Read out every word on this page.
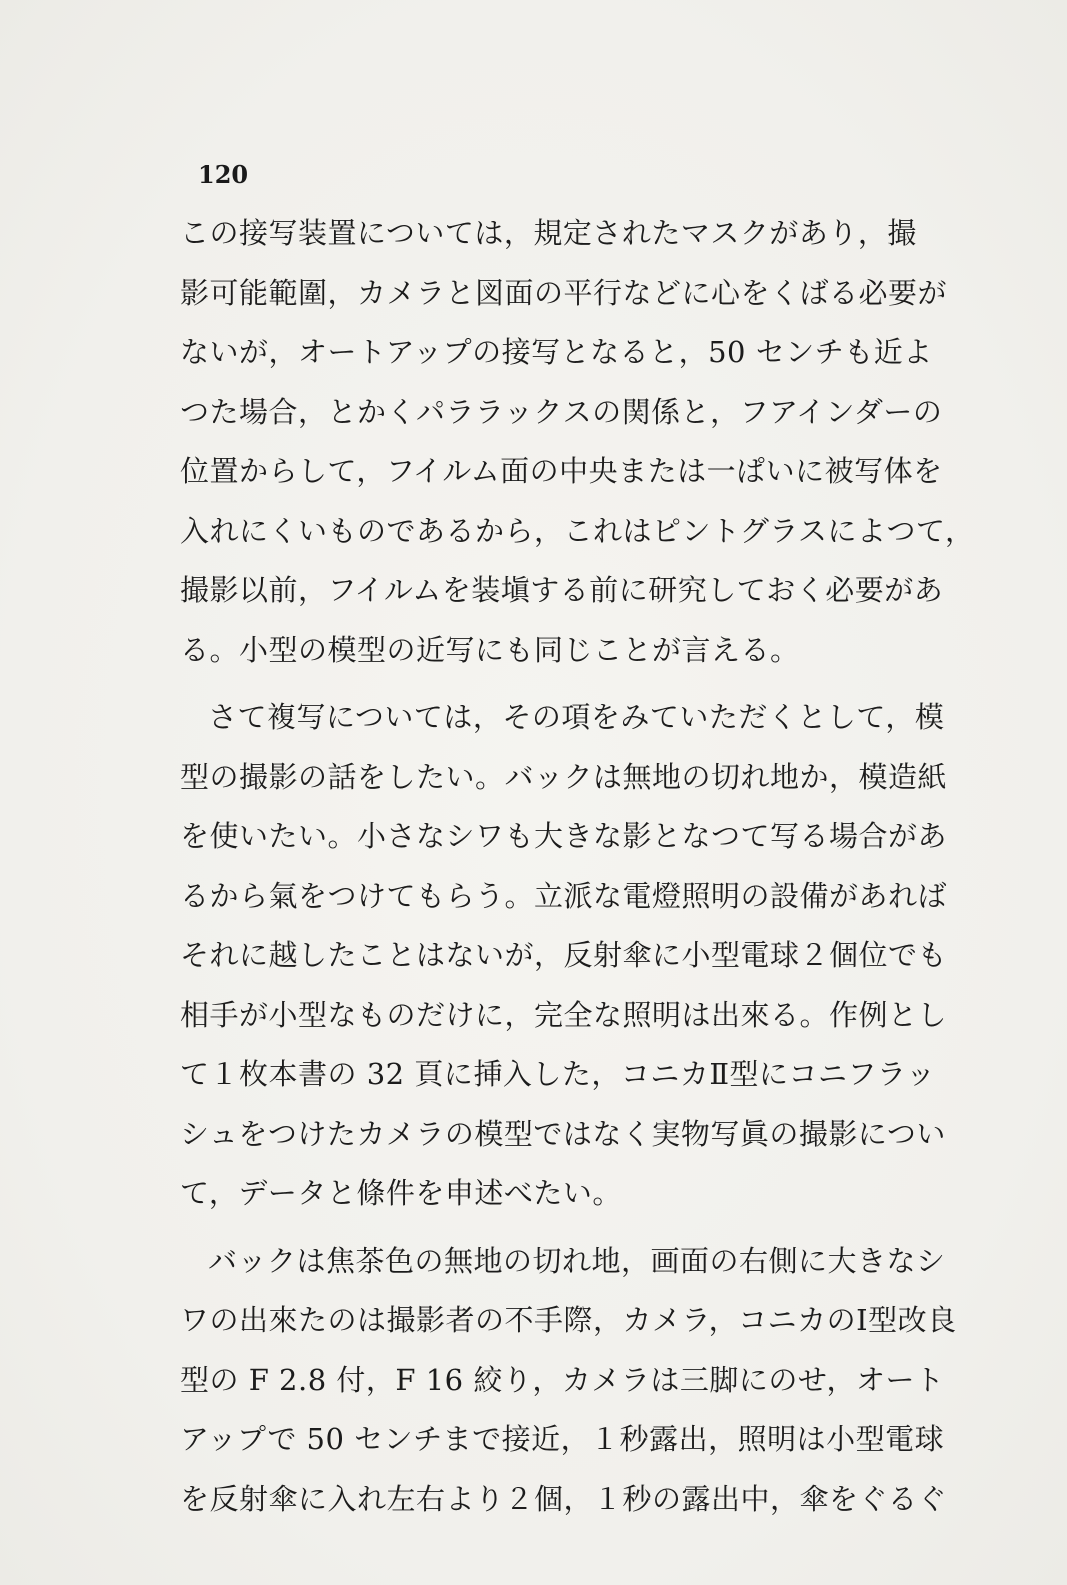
120
この接写装置については，規定されたマスクがあり，撮
影可能範圍，カメラと図面の平行などに心をくばる必要が
ないが，オートアップの接写となると，50 センチも近よ
つた場合，とかくパララックスの関係と，フアインダーの
位置からして，フイルム面の中央または一ぱいに被写体を
入れにくいものであるから，これはピントグラスによつて，
撮影以前，フイルムを装塡する前に研究しておく必要があ
る。小型の模型の近写にも同じことが言える。
さて複写については，その項をみていただくとして，模
型の撮影の話をしたい。バックは無地の切れ地か，模造紙
を使いたい。小さなシワも大きな影となつて写る場合があ
るから氣をつけてもらう。立派な電燈照明の設備があれば
それに越したことはないが，反射傘に小型電球２個位でも
相手が小型なものだけに，完全な照明は出來る。作例とし
て１枚本書の 32 頁に挿入した，コニカⅡ型にコニフラッ
シュをつけたカメラの模型ではなく実物写眞の撮影につい
て，データと條件を申述べたい。
バックは焦茶色の無地の切れ地，画面の右側に大きなシ
ワの出來たのは撮影者の不手際，カメラ，コニカのⅠ型改良
型の F 2.8 付，F 16 絞り，カメラは三脚にのせ，オート
アップで 50 センチまで接近，１秒露出，照明は小型電球
を反射傘に入れ左右より２個，１秒の露出中，傘をぐるぐ
